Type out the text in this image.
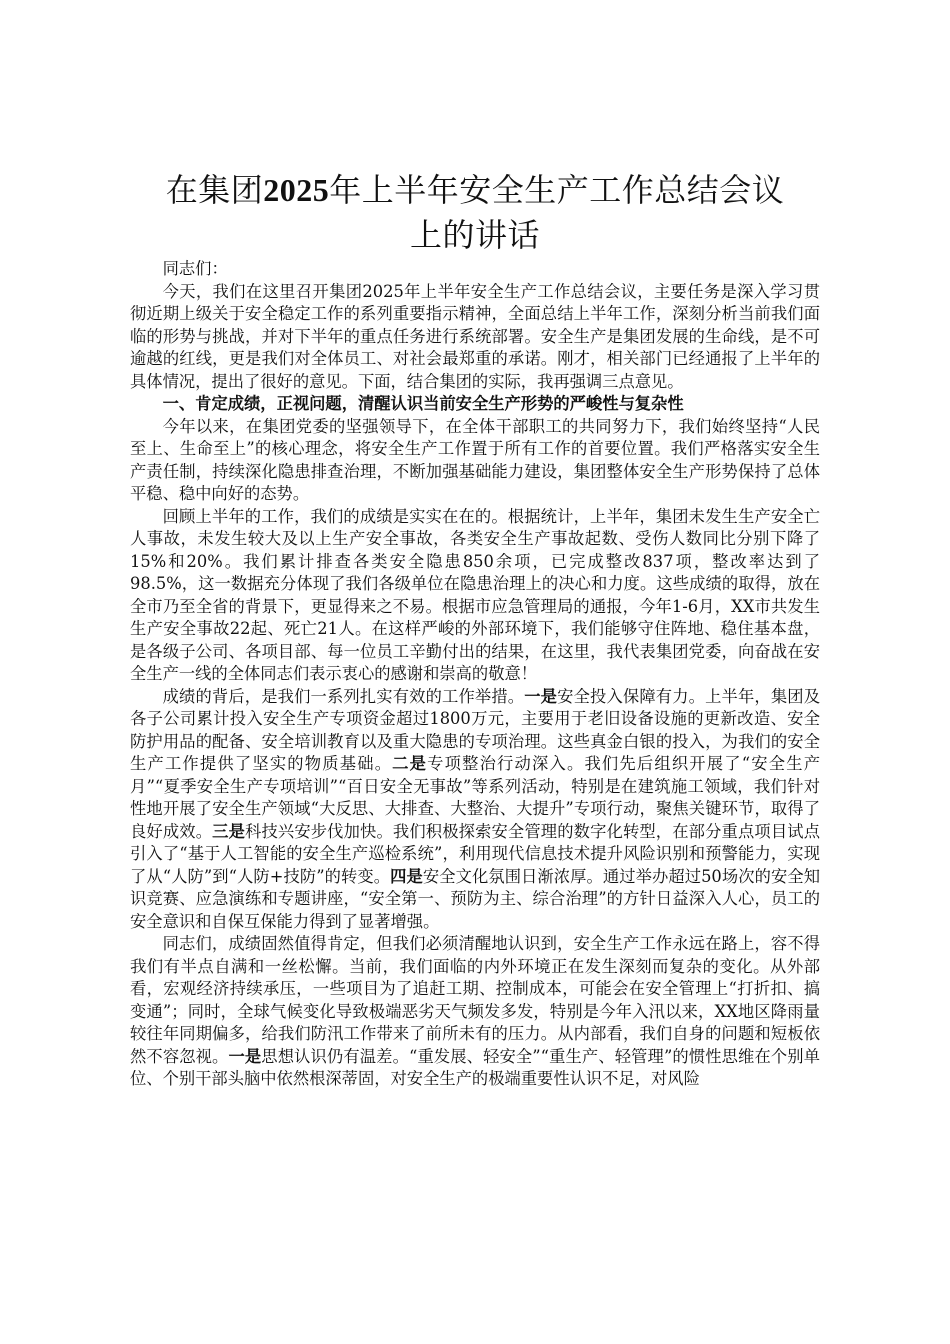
在集团2025年上半年安全生产工作总结会议
上的讲话

同志们：

今天，我们在这里召开集团2025年上半年安全生产工作总结会议，主要任务是深入学习贯彻近期上级关于安全稳定工作的系列重要指示精神，全面总结上半年工作，深刻分析当前我们面临的形势与挑战，并对下半年的重点任务进行系统部署。安全生产是集团发展的生命线，是不可逾越的红线，更是我们对全体员工、对社会最郑重的承诺。刚才，相关部门已经通报了上半年的具体情况，提出了很好的意见。下面，结合集团的实际，我再强调三点意见。

一、肯定成绩，正视问题，清醒认识当前安全生产形势的严峻性与复杂性

今年以来，在集团党委的坚强领导下，在全体干部职工的共同努力下，我们始终坚持“人民至上、生命至上”的核心理念，将安全生产工作置于所有工作的首要位置。我们严格落实安全生产责任制，持续深化隐患排查治理，不断加强基础能力建设，集团整体安全生产形势保持了总体平稳、稳中向好的态势。

回顾上半年的工作，我们的成绩是实实在在的。根据统计，上半年，集团未发生生产安全亡人事故，未发生较大及以上生产安全事故，各类安全生产事故起数、受伤人数同比分别下降了15%和20%。我们累计排查各类安全隐患850余项，已完成整改837项，整改率达到了98.5%，这一数据充分体现了我们各级单位在隐患治理上的决心和力度。这些成绩的取得，放在全市乃至全省的背景下，更显得来之不易。根据市应急管理局的通报，今年1-6月，XX市共发生生产安全事故22起、死亡21人。在这样严峻的外部环境下，我们能够守住阵地、稳住基本盘，是各级子公司、各项目部、每一位员工辛勤付出的结果，在这里，我代表集团党委，向奋战在安全生产一线的全体同志们表示衷心的感谢和崇高的敬意！

成绩的背后，是我们一系列扎实有效的工作举措。一是安全投入保障有力。上半年，集团及各子公司累计投入安全生产专项资金超过1800万元，主要用于老旧设备设施的更新改造、安全防护用品的配备、安全培训教育以及重大隐患的专项治理。这些真金白银的投入，为我们的安全生产工作提供了坚实的物质基础。二是专项整治行动深入。我们先后组织开展了“安全生产月”“夏季安全生产专项培训”“百日安全无事故”等系列活动，特别是在建筑施工领域，我们针对性地开展了安全生产领域“大反思、大排查、大整治、大提升”专项行动，聚焦关键环节，取得了良好成效。三是科技兴安步伐加快。我们积极探索安全管理的数字化转型，在部分重点项目试点引入了“基于人工智能的安全生产巡检系统”，利用现代信息技术提升风险识别和预警能力，实现了从“人防”到“人防+技防”的转变。四是安全文化氛围日渐浓厚。通过举办超过50场次的安全知识竞赛、应急演练和专题讲座，“安全第一、预防为主、综合治理”的方针日益深入人心，员工的安全意识和自保互保能力得到了显著增强。

同志们，成绩固然值得肯定，但我们必须清醒地认识到，安全生产工作永远在路上，容不得我们有半点自满和一丝松懈。当前，我们面临的内外环境正在发生深刻而复杂的变化。从外部看，宏观经济持续承压，一些项目为了追赶工期、控制成本，可能会在安全管理上“打折扣、搞变通”；同时，全球气候变化导致极端恶劣天气频发多发，特别是今年入汛以来，XX地区降雨量较往年同期偏多，给我们防汛工作带来了前所未有的压力。从内部看，我们自身的问题和短板依然不容忽视。一是思想认识仍有温差。“重发展、轻安全”“重生产、轻管理”的惯性思维在个别单位、个别干部头脑中依然根深蒂固，对安全生产的极端重要性认识不足，对风险
